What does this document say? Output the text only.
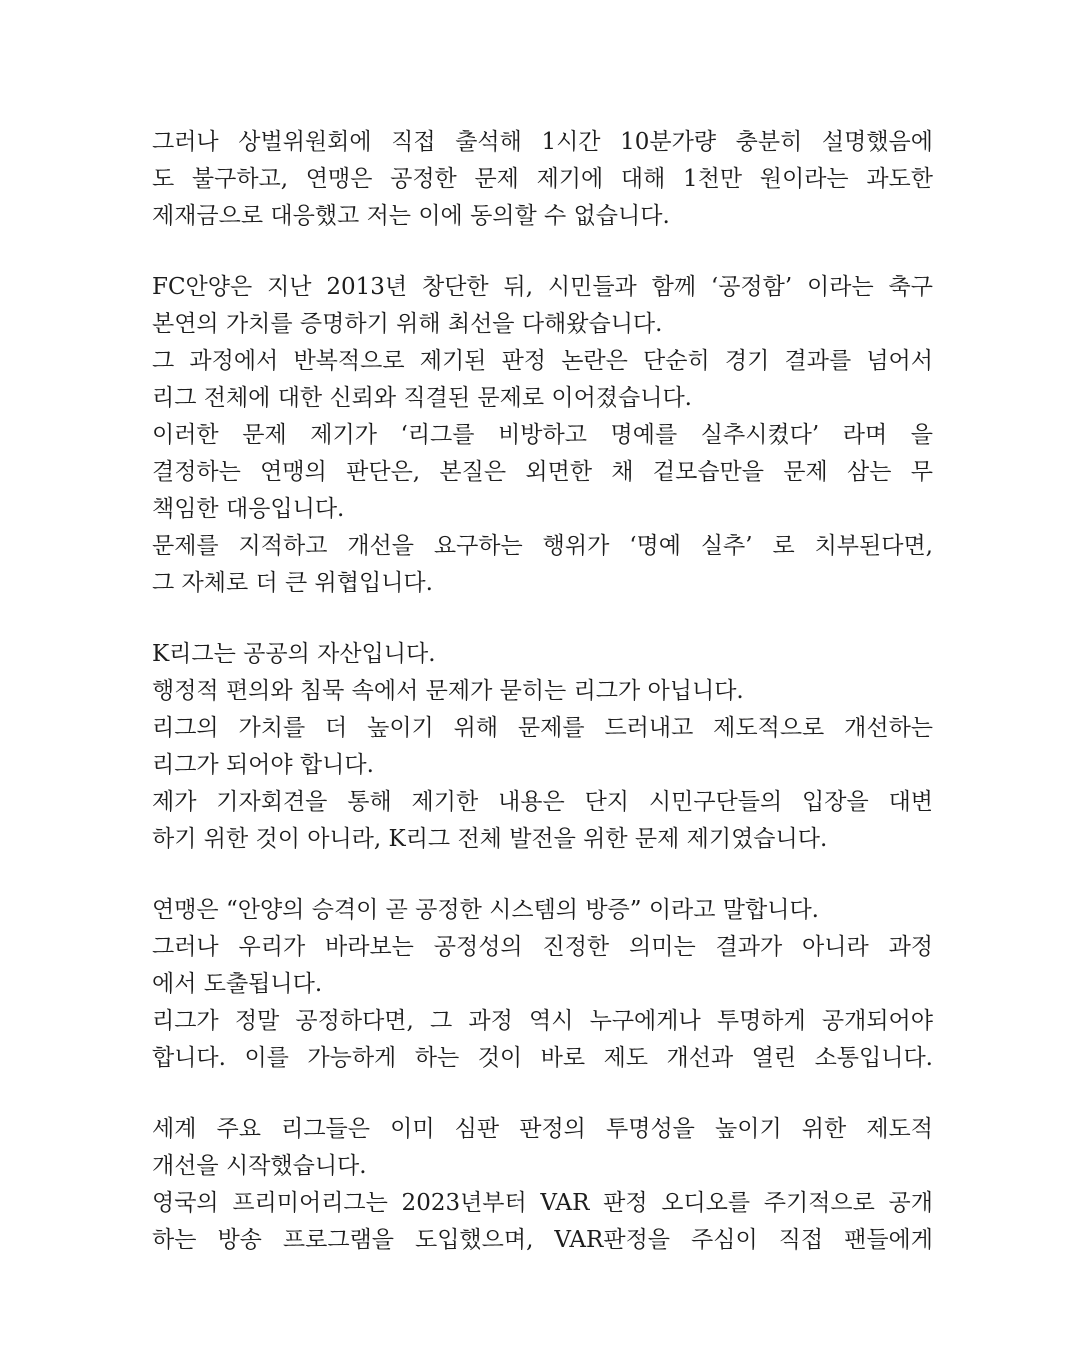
그러나 상벌위원회에 직접 출석해 1시간 10분가량 충분히 설명했음에
도 불구하고, 연맹은 공정한 문제 제기에 대해 1천만 원이라는 과도한
제재금으로 대응했고 저는 이에 동의할 수 없습니다.
FC안양은 지난 2013년 창단한 뒤, 시민들과 함께 ‘공정함’ 이라는 축구
본연의 가치를 증명하기 위해 최선을 다해왔습니다.
그 과정에서 반복적으로 제기된 판정 논란은 단순히 경기 결과를 넘어서
리그 전체에 대한 신뢰와 직결된 문제로 이어졌습니다.
이러한 문제 제기가 ‘리그를 비방하고 명예를 실추시켰다’ 라며 을
결정하는 연맹의 판단은, 본질은 외면한 채 겉모습만을 문제 삼는 무
책임한 대응입니다.
문제를 지적하고 개선을 요구하는 행위가 ‘명예 실추’ 로 치부된다면,
그 자체로 더 큰 위협입니다.
K리그는 공공의 자산입니다.
행정적 편의와 침묵 속에서 문제가 묻히는 리그가 아닙니다.
리그의 가치를 더 높이기 위해 문제를 드러내고 제도적으로 개선하는
리그가 되어야 합니다.
제가 기자회견을 통해 제기한 내용은 단지 시민구단들의 입장을 대변
하기 위한 것이 아니라, K리그 전체 발전을 위한 문제 제기였습니다.
연맹은 “안양의 승격이 곧 공정한 시스템의 방증” 이라고 말합니다.
그러나 우리가 바라보는 공정성의 진정한 의미는 결과가 아니라 과정
에서 도출됩니다.
리그가 정말 공정하다면, 그 과정 역시 누구에게나 투명하게 공개되어야
합니다. 이를 가능하게 하는 것이 바로 제도 개선과 열린 소통입니다.
세계 주요 리그들은 이미 심판 판정의 투명성을 높이기 위한 제도적
개선을 시작했습니다.
영국의 프리미어리그는 2023년부터 VAR 판정 오디오를 주기적으로 공개
하는 방송 프로그램을 도입했으며, VAR판정을 주심이 직접 팬들에게
